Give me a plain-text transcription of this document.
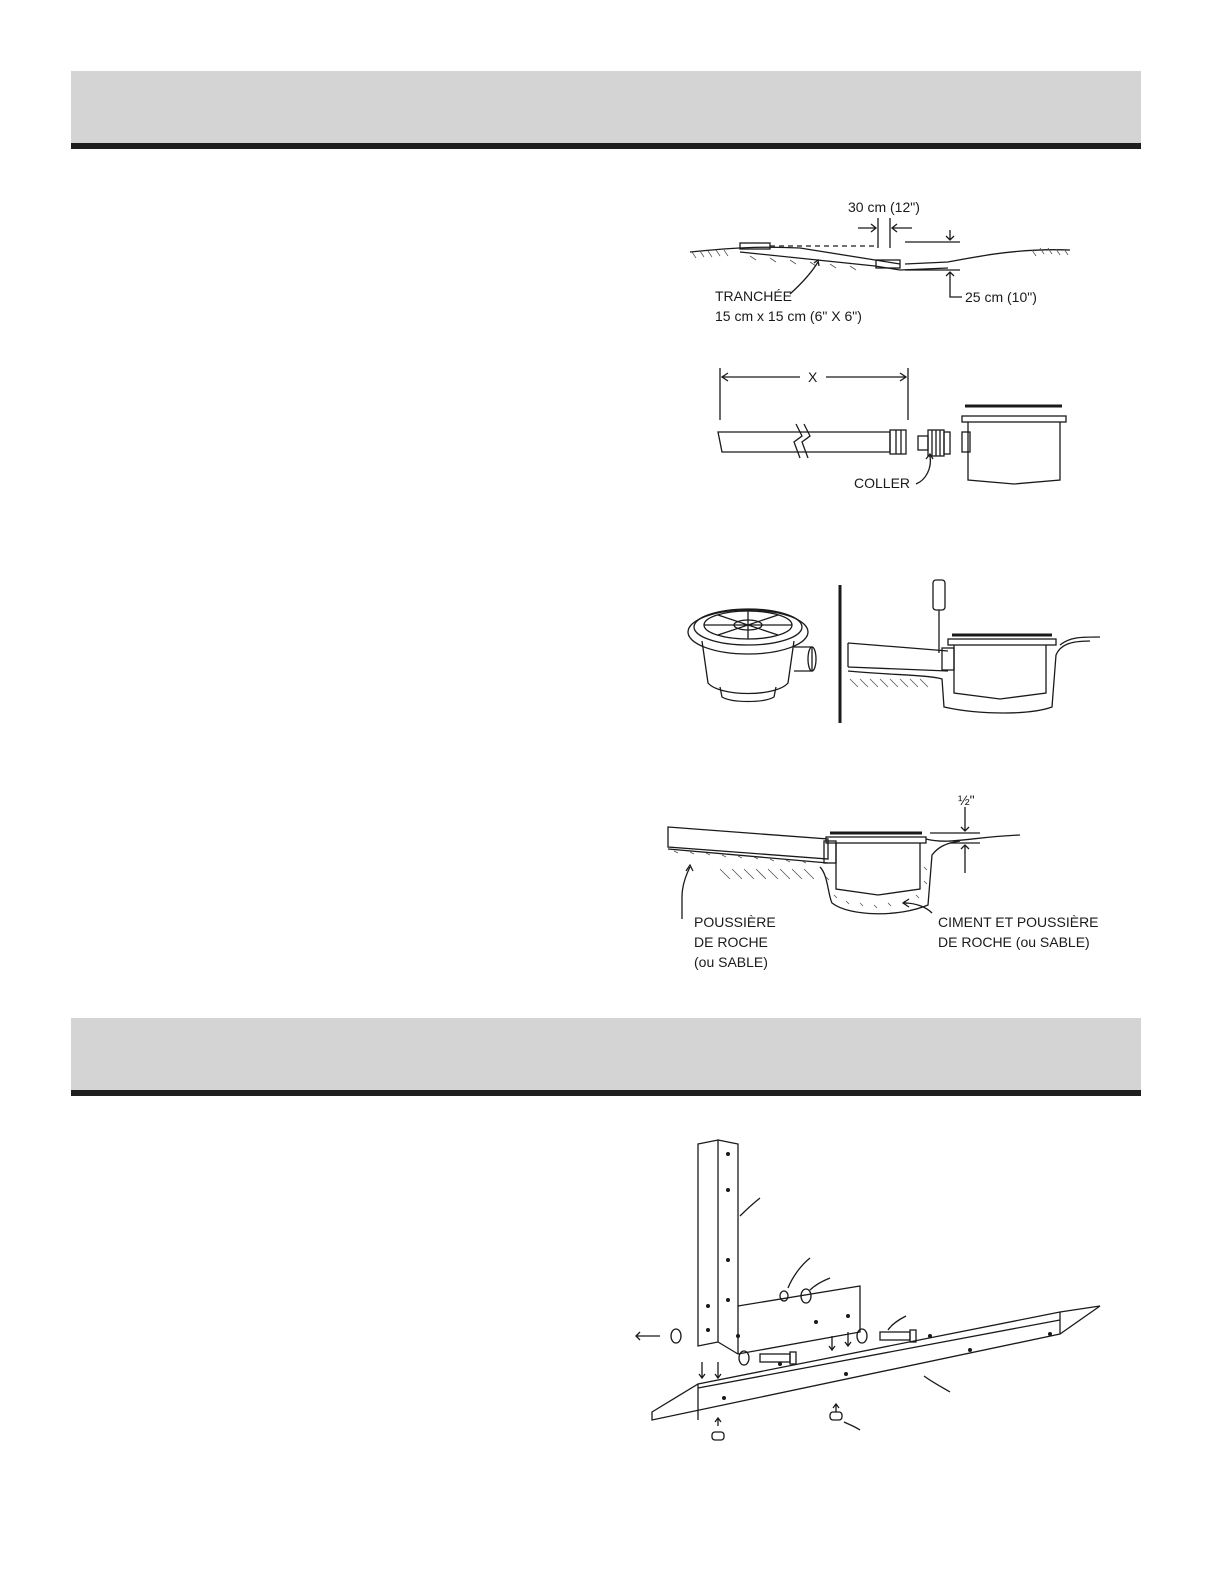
30 cm (12")
25 cm (10")
TRANCHÉE
15 cm x 15 cm (6" X 6")
X
COLLER
½"
POUSSIÈRE
DE ROCHE
(ou SABLE)
CIMENT ET POUSSIÈRE
DE ROCHE (ou SABLE)
